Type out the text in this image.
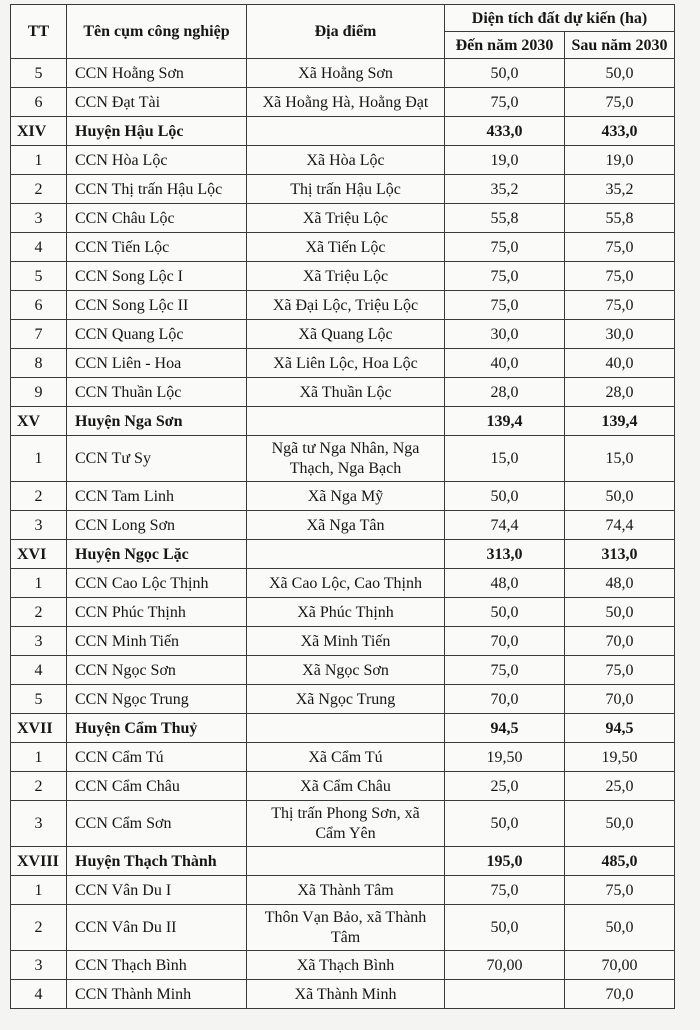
TT	Tên cụm công nghiệp	Địa điểm	Diện tích đất dự kiến (ha)	
			Đến năm 2030	Sau năm 2030
5	CCN Hoằng Sơn	Xã Hoằng Sơn	50,0	50,0
6	CCN Đạt Tài	Xã Hoằng Hà, Hoằng Đạt	75,0	75,0
XIV	Huyện Hậu Lộc		433,0	433,0
1	CCN Hòa Lộc	Xã Hòa Lộc	19,0	19,0
2	CCN Thị trấn Hậu Lộc	Thị trấn Hậu Lộc	35,2	35,2
3	CCN Châu Lộc	Xã Triệu Lộc	55,8	55,8
4	CCN Tiến Lộc	Xã Tiến Lộc	75,0	75,0
5	CCN Song Lộc I	Xã Triệu Lộc	75,0	75,0
6	CCN Song Lộc II	Xã Đại Lộc, Triệu Lộc	75,0	75,0
7	CCN Quang Lộc	Xã Quang Lộc	30,0	30,0
8	CCN Liên - Hoa	Xã Liên Lộc, Hoa Lộc	40,0	40,0
9	CCN Thuần Lộc	Xã Thuần Lộc	28,0	28,0
XV	Huyện Nga Sơn		139,4	139,4
1	CCN Tư Sy	Ngã tư Nga Nhân, Nga Thạch, Nga Bạch	15,0	15,0
2	CCN Tam Linh	Xã Nga Mỹ	50,0	50,0
3	CCN Long Sơn	Xã Nga Tân	74,4	74,4
XVI	Huyện Ngọc Lặc		313,0	313,0
1	CCN Cao Lộc Thịnh	Xã Cao Lộc, Cao Thịnh	48,0	48,0
2	CCN Phúc Thịnh	Xã Phúc Thịnh	50,0	50,0
3	CCN Minh Tiến	Xã Minh Tiến	70,0	70,0
4	CCN Ngọc Sơn	Xã Ngọc Sơn	75,0	75,0
5	CCN Ngọc Trung	Xã Ngọc Trung	70,0	70,0
XVII	Huyện Cẩm Thuỷ		94,5	94,5
1	CCN Cẩm Tú	Xã Cẩm Tú	19,50	19,50
2	CCN Cẩm Châu	Xã Cẩm Châu	25,0	25,0
3	CCN Cẩm Sơn	Thị trấn Phong Sơn, xã Cẩm Yên	50,0	50,0
XVIII	Huyện Thạch Thành		195,0	485,0
1	CCN Vân Du I	Xã Thành Tâm	75,0	75,0
2	CCN Vân Du II	Thôn Vạn Bảo, xã Thành Tâm	50,0	50,0
3	CCN Thạch Bình	Xã Thạch Bình	70,00	70,00
4	CCN Thành Minh	Xã Thành Minh		70,0
